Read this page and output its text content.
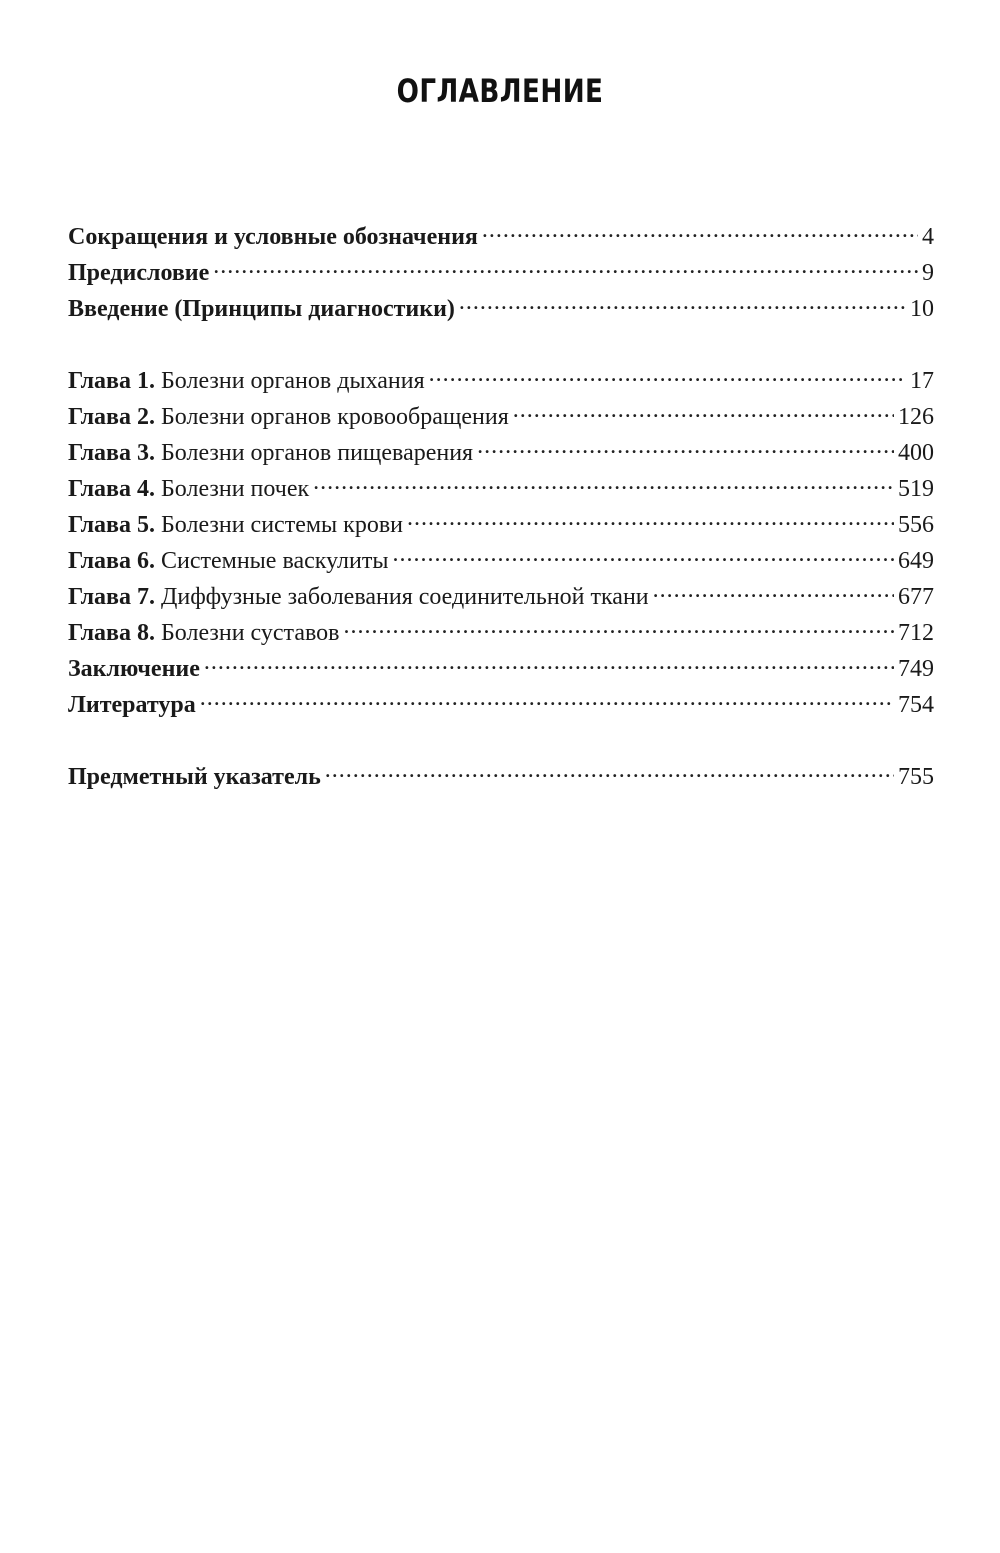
ОГЛАВЛЕНИЕ
Сокращения и условные обозначения . . .	4
Предисловие . . .	9
Введение (Принципы диагностики) . . .	10
Глава 1. Болезни органов дыхания . . .	17
Глава 2. Болезни органов кровообращения . . .	126
Глава 3. Болезни органов пищеварения . . .	400
Глава 4. Болезни почек . . .	519
Глава 5. Болезни системы крови . . .	556
Глава 6. Системные васкулиты . . .	649
Глава 7. Диффузные заболевания соединительной ткани . . .	677
Глава 8. Болезни суставов . . .	712
Заключение . . .	749
Литература . . .	754
Предметный указатель . . .	755
